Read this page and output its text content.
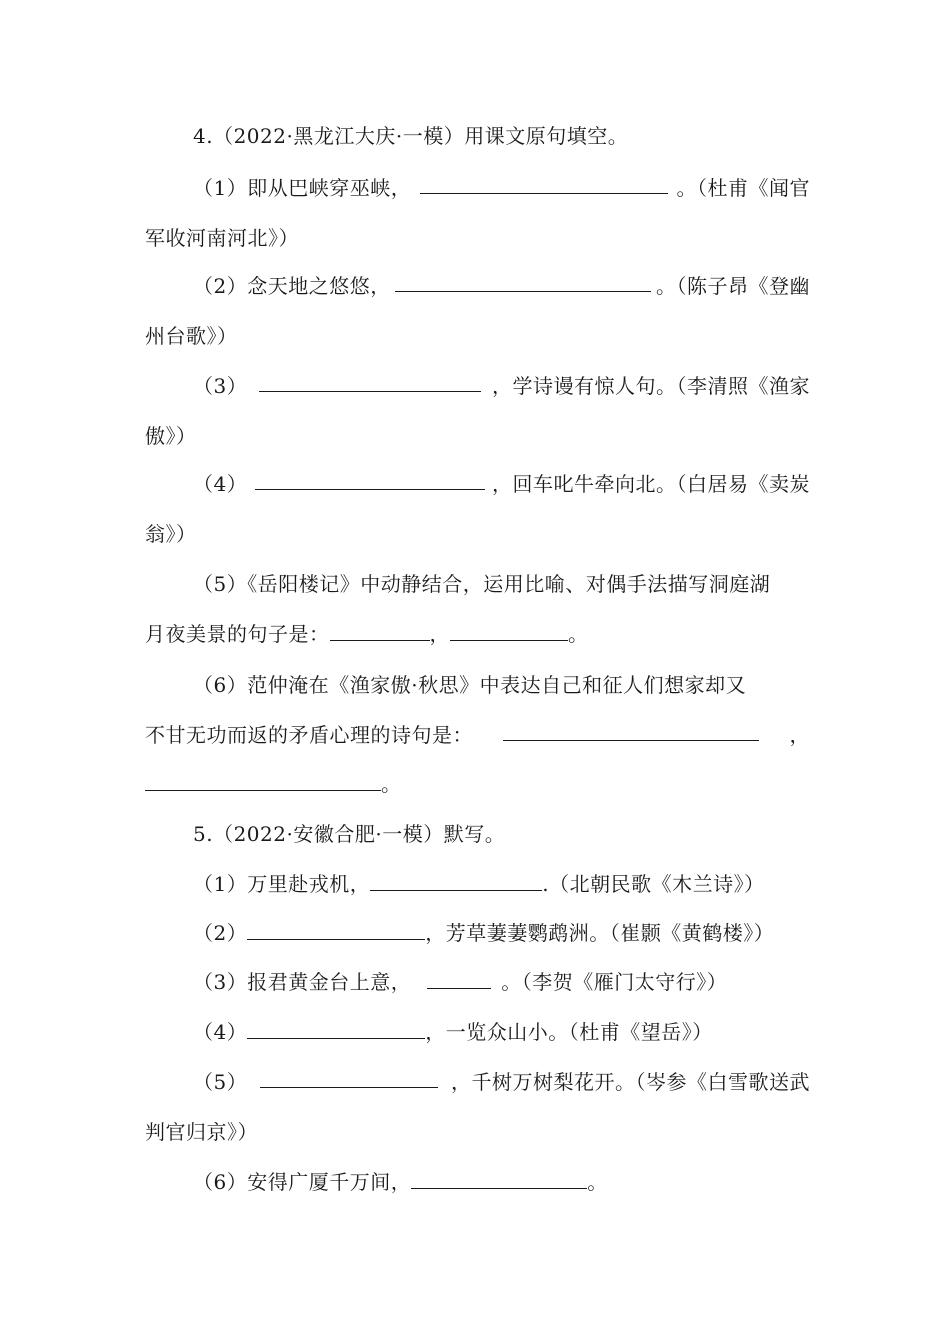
4.（2022·黑龙江大庆·一模）用课文原句填空。
（1）即从巴峡穿巫峡，	。（杜甫《闻官
军收河南河北》）
（2）念天地之悠悠，	。（陈子昂《登幽
州台歌》）
（3）	，学诗谩有惊人句。（李清照《渔家
傲》）
（4）	，回车叱牛牵向北。（白居易《卖炭
翁》）
（5）《岳阳楼记》中动静结合，运用比喻、对偶手法描写洞庭湖
月夜美景的句子是：	，	。
（6）范仲淹在《渔家傲·秋思》中表达自己和征人们想家却又
不甘无功而返的矛盾心理的诗句是：	，
。
5.（2022·安徽合肥·一模）默写。
（1）万里赴戎机，	.（北朝民歌《木兰诗》）
（2）	，芳草萋萋鹦鹉洲。（崔颢《黄鹤楼》）
（3）报君黄金台上意，	。（李贺《雁门太守行》）
（4）	，一览众山小。（杜甫《望岳》）
（5）	，千树万树梨花开。（岑参《白雪歌送武
判官归京》）
（6）安得广厦千万间，	。
